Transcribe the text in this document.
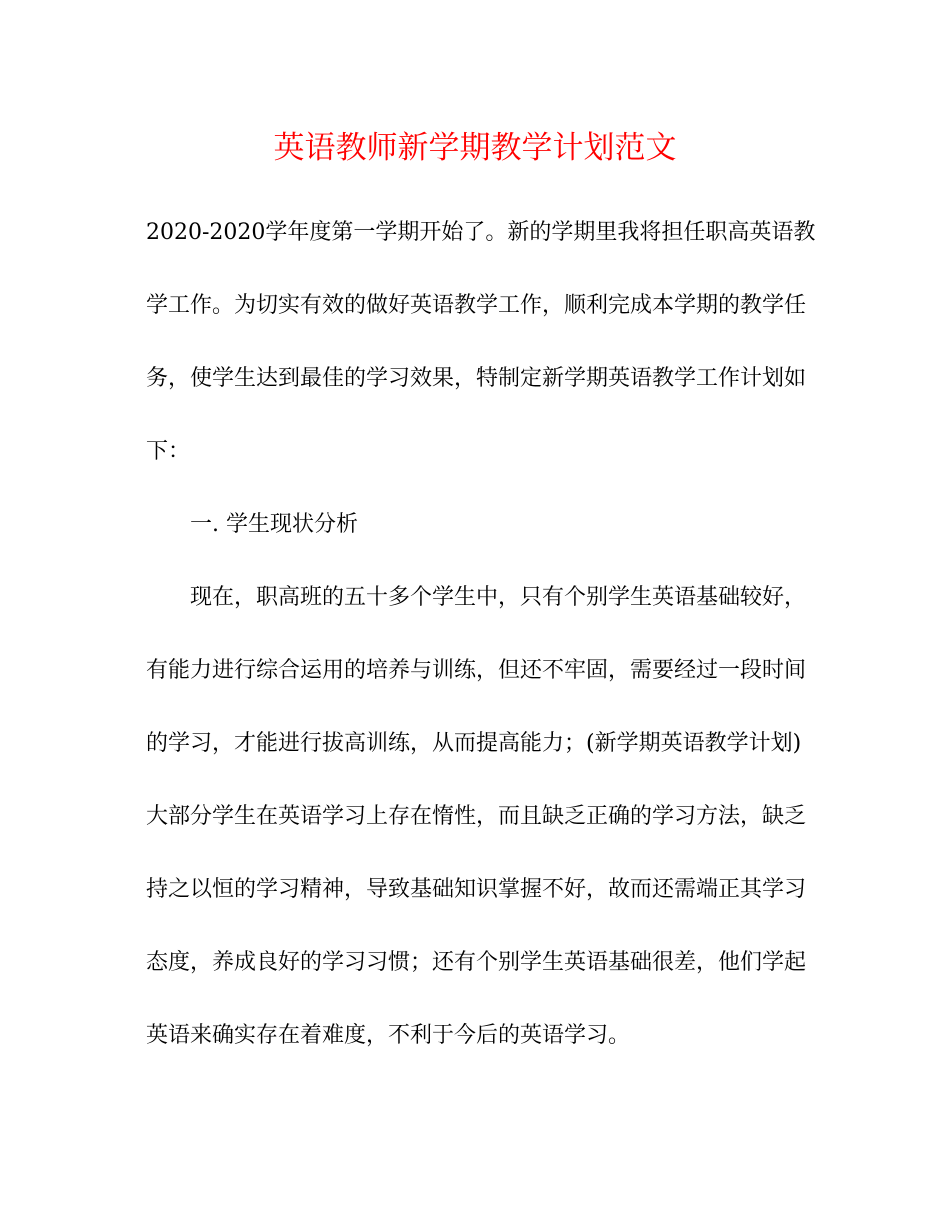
英语教师新学期教学计划范文
2020-2020学年度第一学期开始了。新的学期里我将担任职高英语教
学工作。为切实有效的做好英语教学工作，顺利完成本学期的教学任
务，使学生达到最佳的学习效果，特制定新学期英语教学工作计划如
下：
一. 学生现状分析
现在，职高班的五十多个学生中，只有个别学生英语基础较好，
有能力进行综合运用的培养与训练，但还不牢固，需要经过一段时间
的学习，才能进行拔高训练，从而提高能力；(新学期英语教学计划)
大部分学生在英语学习上存在惰性，而且缺乏正确的学习方法，缺乏
持之以恒的学习精神，导致基础知识掌握不好，故而还需端正其学习
态度，养成良好的学习习惯；还有个别学生英语基础很差，他们学起
英语来确实存在着难度，不利于今后的英语学习。
